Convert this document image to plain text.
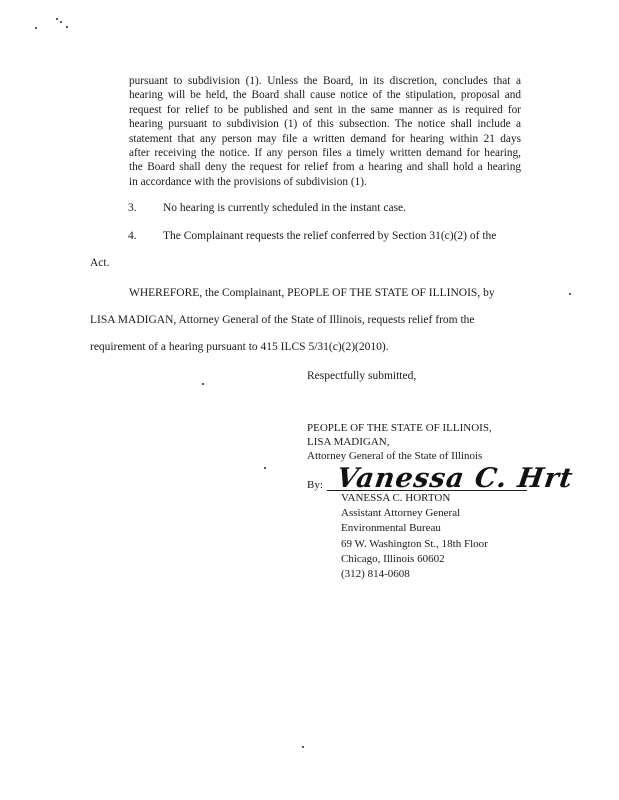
pursuant to subdivision (1). Unless the Board, in its discretion, concludes that a
hearing will be held, the Board shall cause notice of the stipulation, proposal and
request for relief to be published and sent in the same manner as is required for
hearing pursuant to subdivision (1) of this subsection. The notice shall include a
statement that any person may file a written demand for hearing within 21 days
after receiving the notice. If any person files a timely written demand for hearing,
the Board shall deny the request for relief from a hearing and shall hold a hearing
in accordance with the provisions of subdivision (1).
3. No hearing is currently scheduled in the instant case.
4. The Complainant requests the relief conferred by Section 31(c)(2) of the
Act.
WHEREFORE, the Complainant, PEOPLE OF THE STATE OF ILLINOIS, by
LISA MADIGAN, Attorney General of the State of Illinois, requests relief from the
requirement of a hearing pursuant to 415 ILCS 5/31(c)(2)(2010).
Respectfully submitted,
PEOPLE OF THE STATE OF ILLINOIS,
LISA MADIGAN,
Attorney General of the State of Illinois
By: Vanessa C. Hrt
VANESSA C. HORTON
Assistant Attorney General
Environmental Bureau
69 W. Washington St., 18th Floor
Chicago, Illinois 60602
(312) 814-0608
